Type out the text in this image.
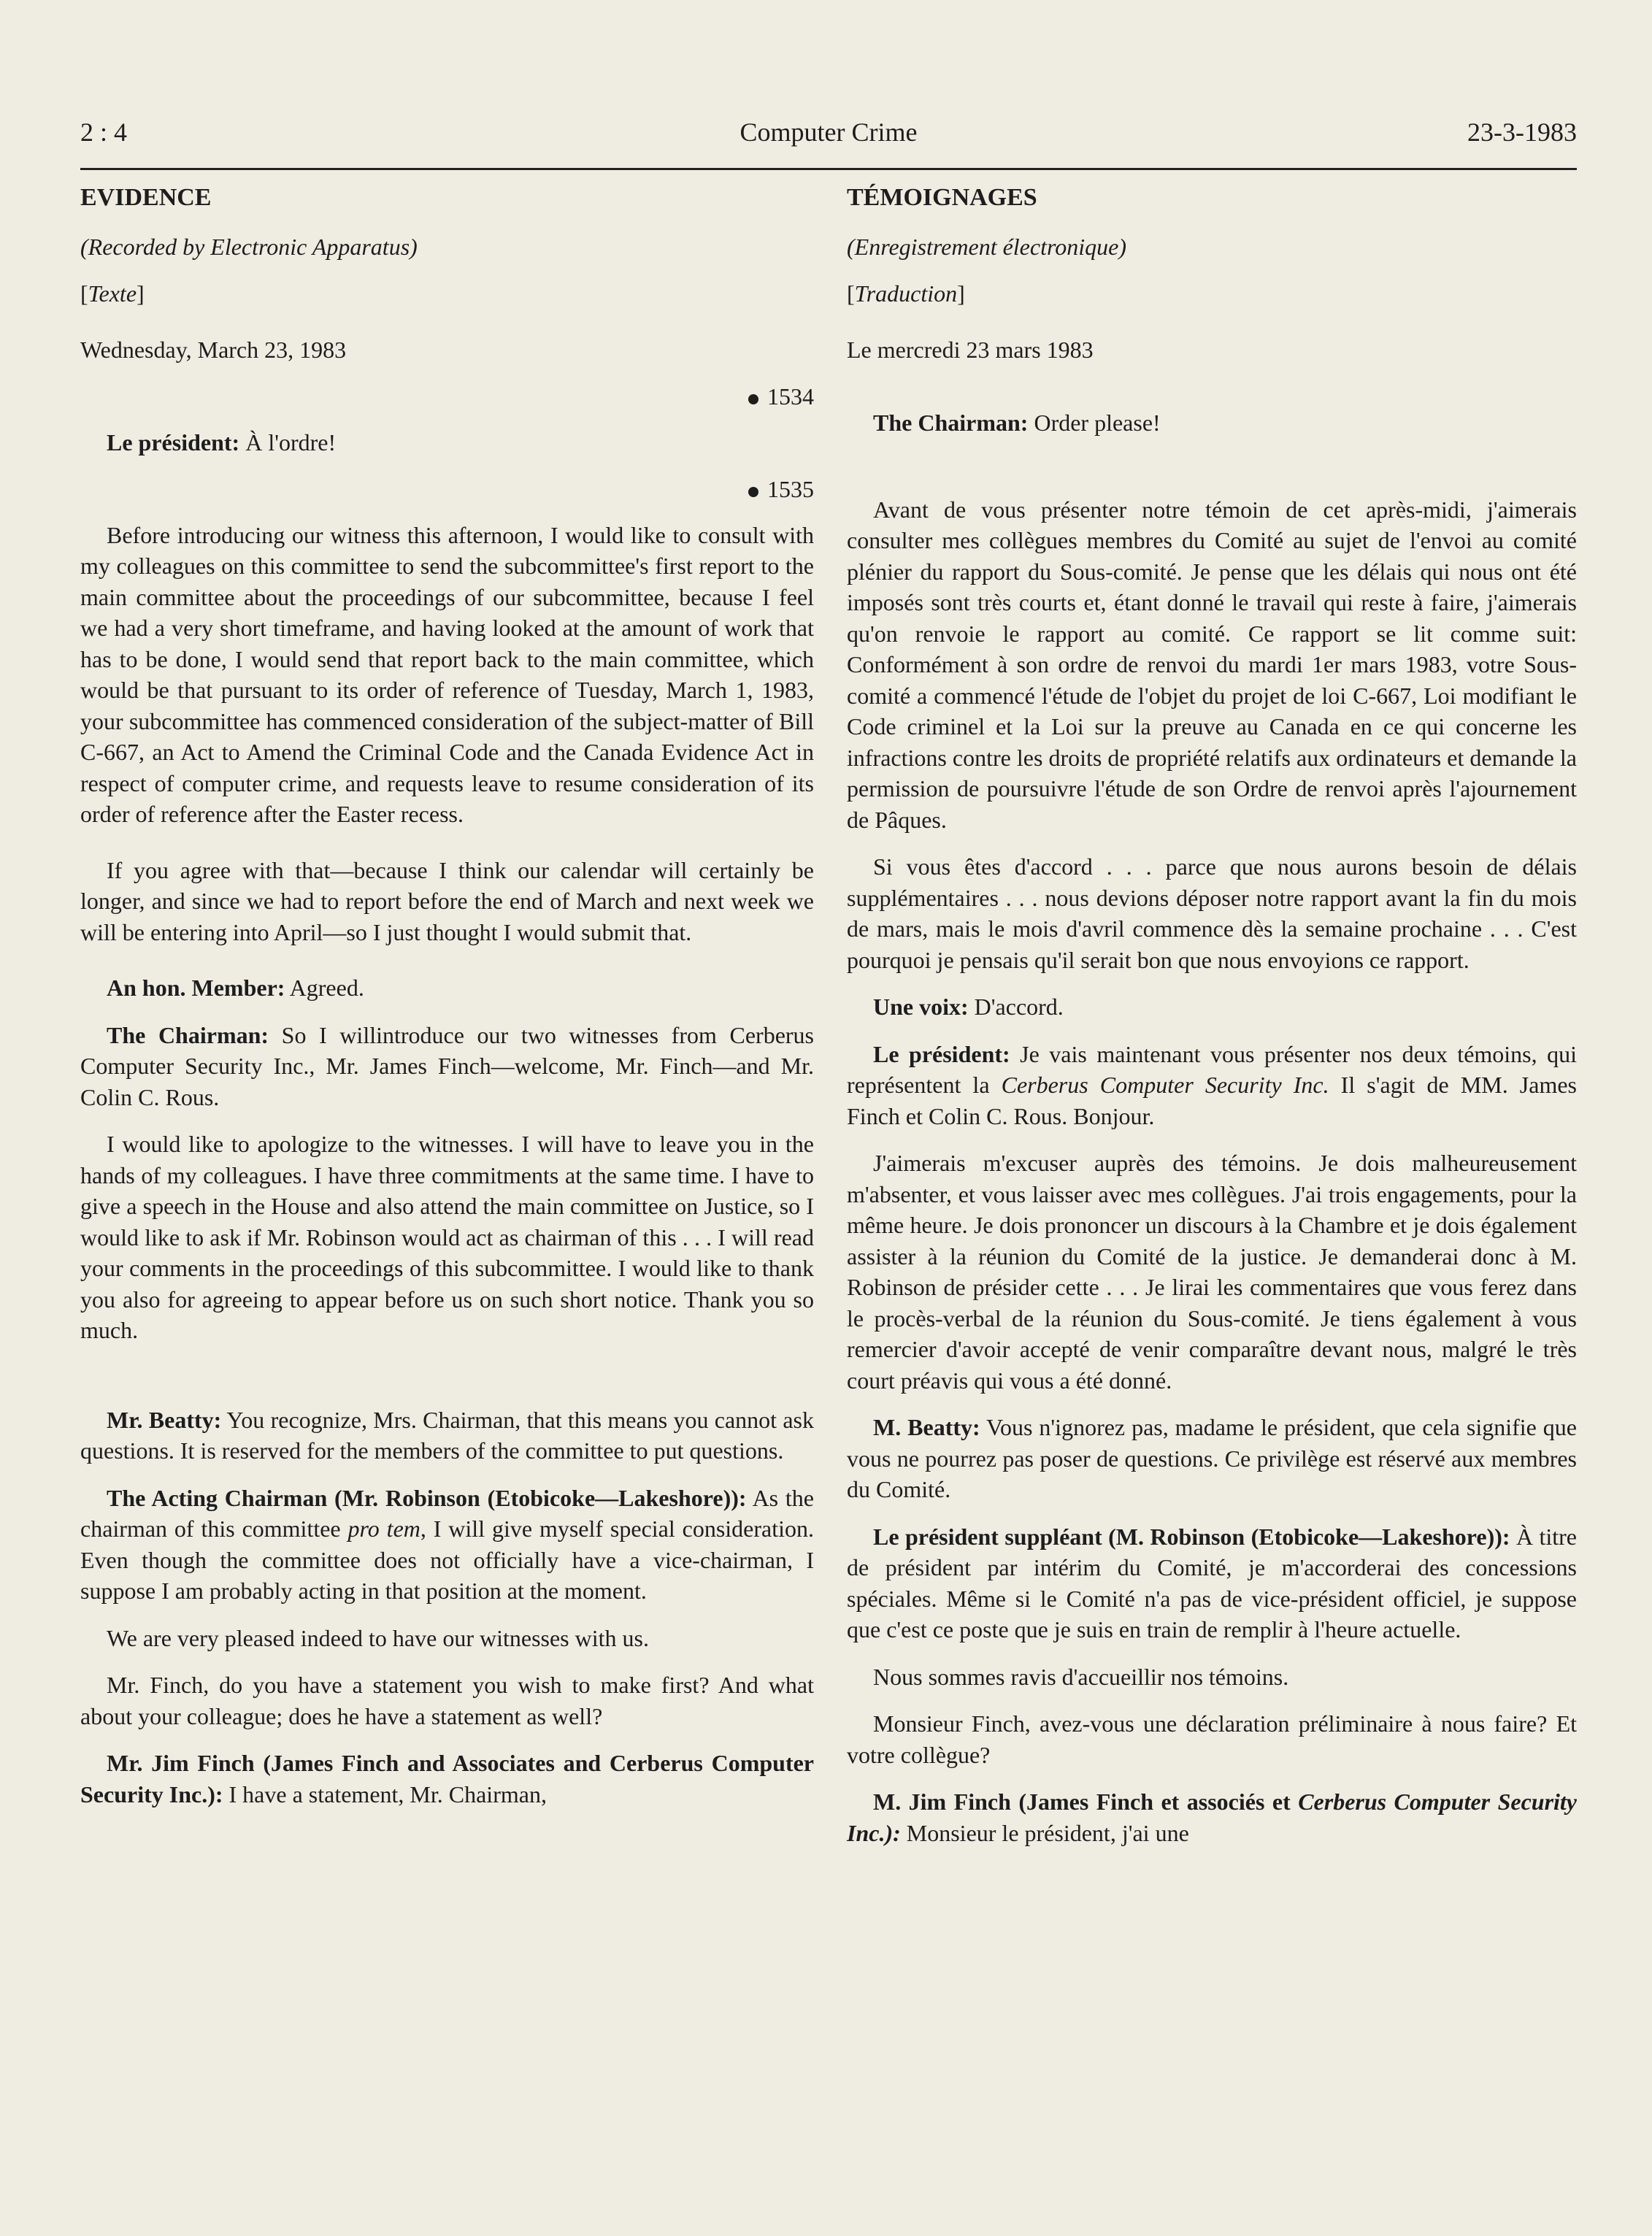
2 : 4	Computer Crime	23-3-1983

EVIDENCE

(Recorded by Electronic Apparatus)

[Texte]

Wednesday, March 23, 1983

1534

Le président: À l'ordre!

1535

Before introducing our witness this afternoon, I would like to consult with my colleagues on this committee to send the subcommittee's first report to the main committee about the proceedings of our subcommittee, because I feel we had a very short timeframe, and having looked at the amount of work that has to be done, I would send that report back to the main committee, which would be that pursuant to its order of reference of Tuesday, March 1, 1983, your subcommittee has commenced consideration of the subject-matter of Bill C-667, an Act to Amend the Criminal Code and the Canada Evidence Act in respect of computer crime, and requests leave to resume consideration of its order of reference after the Easter recess.

If you agree with that—because I think our calendar will certainly be longer, and since we had to report before the end of March and next week we will be entering into April—so I just thought I would submit that.

An hon. Member: Agreed.

The Chairman: So I willintroduce our two witnesses from Cerberus Computer Security Inc., Mr. James Finch—welcome, Mr. Finch—and Mr. Colin C. Rous.

I would like to apologize to the witnesses. I will have to leave you in the hands of my colleagues. I have three commitments at the same time. I have to give a speech in the House and also attend the main committee on Justice, so I would like to ask if Mr. Robinson would act as chairman of this . . . I will read your comments in the proceedings of this subcommittee. I would like to thank you also for agreeing to appear before us on such short notice. Thank you so much.

Mr. Beatty: You recognize, Mrs. Chairman, that this means you cannot ask questions. It is reserved for the members of the committee to put questions.

The Acting Chairman (Mr. Robinson (Etobicoke—Lakeshore)): As the chairman of this committee pro tem, I will give myself special consideration. Even though the committee does not officially have a vice-chairman, I suppose I am probably acting in that position at the moment.

We are very pleased indeed to have our witnesses with us.

Mr. Finch, do you have a statement you wish to make first? And what about your colleague; does he have a statement as well?

Mr. Jim Finch (James Finch and Associates and Cerberus Computer Security Inc.): I have a statement, Mr. Chairman,

TÉMOIGNAGES

(Enregistrement électronique)

[Traduction]

Le mercredi 23 mars 1983

The Chairman: Order please!

Avant de vous présenter notre témoin de cet après-midi, j'aimerais consulter mes collègues membres du Comité au sujet de l'envoi au comité plénier du rapport du Sous-comité. Je pense que les délais qui nous ont été imposés sont très courts et, étant donné le travail qui reste à faire, j'aimerais qu'on renvoie le rapport au comité. Ce rapport se lit comme suit: Conformément à son ordre de renvoi du mardi 1er mars 1983, votre Sous-comité a commencé l'étude de l'objet du projet de loi C-667, Loi modifiant le Code criminel et la Loi sur la preuve au Canada en ce qui concerne les infractions contre les droits de propriété relatifs aux ordinateurs et demande la permission de poursuivre l'étude de son Ordre de renvoi après l'ajournement de Pâques.

Si vous êtes d'accord . . . parce que nous aurons besoin de délais supplémentaires . . . nous devions déposer notre rapport avant la fin du mois de mars, mais le mois d'avril commence dès la semaine prochaine . . . C'est pourquoi je pensais qu'il serait bon que nous envoyions ce rapport.

Une voix: D'accord.

Le président: Je vais maintenant vous présenter nos deux témoins, qui représentent la Cerberus Computer Security Inc. Il s'agit de MM. James Finch et Colin C. Rous. Bonjour.

J'aimerais m'excuser auprès des témoins. Je dois malheureusement m'absenter, et vous laisser avec mes collègues. J'ai trois engagements, pour la même heure. Je dois prononcer un discours à la Chambre et je dois également assister à la réunion du Comité de la justice. Je demanderai donc à M. Robinson de présider cette . . . Je lirai les commentaires que vous ferez dans le procès-verbal de la réunion du Sous-comité. Je tiens également à vous remercier d'avoir accepté de venir comparaître devant nous, malgré le très court préavis qui vous a été donné.

M. Beatty: Vous n'ignorez pas, madame le président, que cela signifie que vous ne pourrez pas poser de questions. Ce privilège est réservé aux membres du Comité.

Le président suppléant (M. Robinson (Etobicoke—Lakeshore)): À titre de président par intérim du Comité, je m'accorderai des concessions spéciales. Même si le Comité n'a pas de vice-président officiel, je suppose que c'est ce poste que je suis en train de remplir à l'heure actuelle.

Nous sommes ravis d'accueillir nos témoins.

Monsieur Finch, avez-vous une déclaration préliminaire à nous faire? Et votre collègue?

M. Jim Finch (James Finch et associés et Cerberus Computer Security Inc.): Monsieur le président, j'ai une
